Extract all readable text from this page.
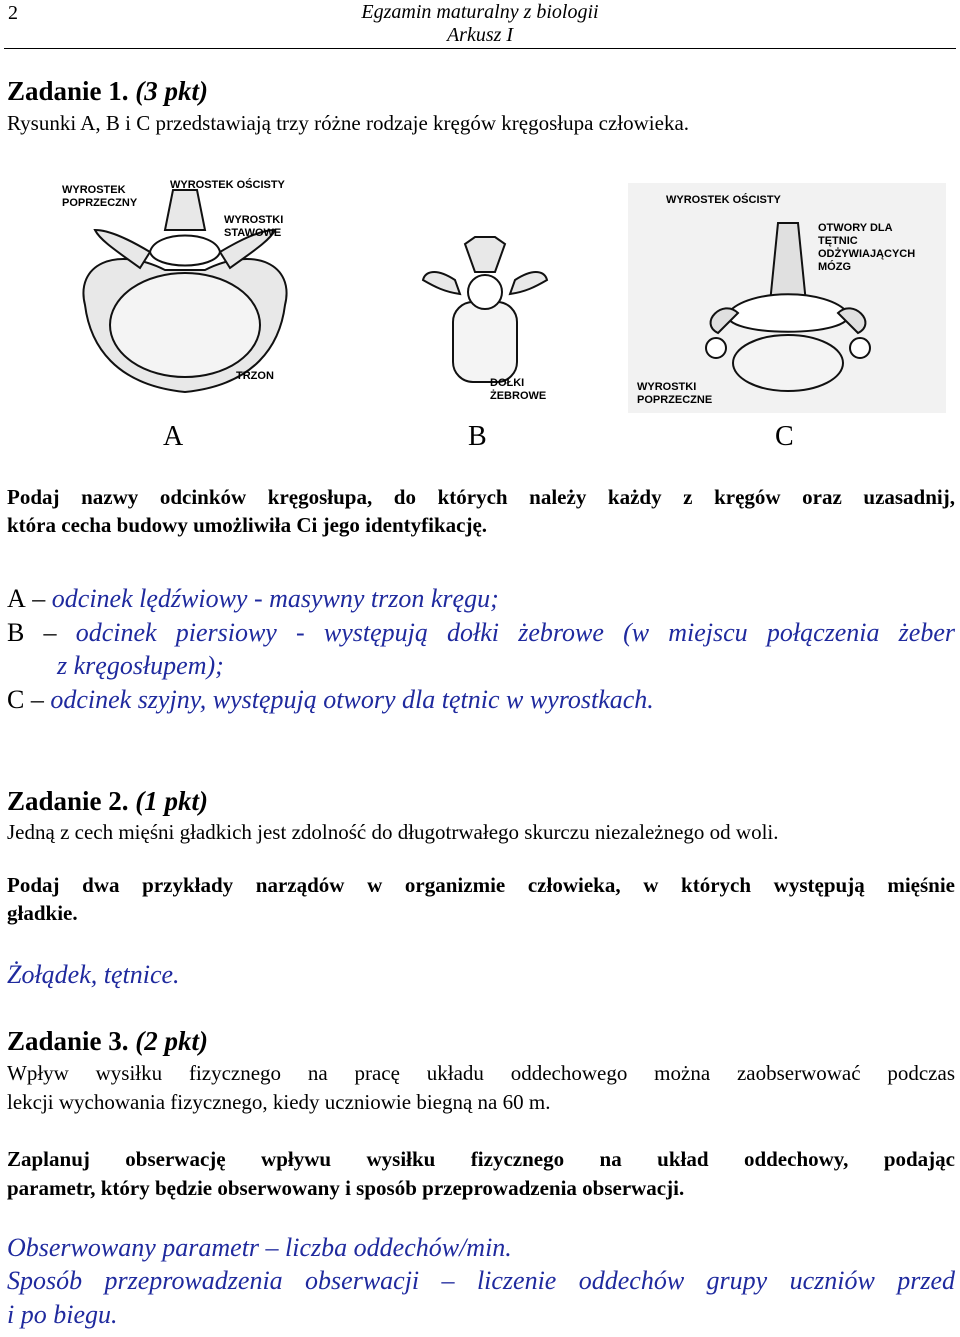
2	Egzamin maturalny z biologii
Arkusz I
Zadanie 1. (3 pkt)
Rysunki A, B i C przedstawiają trzy różne rodzaje kręgów kręgosłupa człowieka.
WYROSTEK
POPRZECZNY
WYROSTEK OŚCISTY
WYROSTKI
STAWOWE
TRZON
DOŁKI
ŻEBROWE
WYROSTEK OŚCISTY
OTWORY DLA
TĘTNIC
ODŻYWIAJĄCYCH
MÓZG
WYROSTKI
POPRZECZNE
A	B	C
Podaj nazwy odcinków kręgosłupa, do których należy każdy z kręgów oraz uzasadnij,
która cecha budowy umożliwiła Ci jego identyfikację.
A – odcinek lędźwiowy - masywny trzon kręgu;
B – odcinek piersiowy - występują dołki żebrowe (w miejscu połączenia żeber
z kręgosłupem);
C – odcinek szyjny, występują otwory dla tętnic w wyrostkach.
Zadanie 2. (1 pkt)
Jedną z cech mięśni gładkich jest zdolność do długotrwałego skurczu niezależnego od woli.
Podaj dwa przykłady narządów w organizmie człowieka, w których występują mięśnie
gładkie.
Żołądek, tętnice.
Zadanie 3. (2 pkt)
Wpływ wysiłku fizycznego na pracę układu oddechowego można zaobserwować podczas
lekcji wychowania fizycznego, kiedy uczniowie biegną na 60 m.
Zaplanuj obserwację wpływu wysiłku fizycznego na układ oddechowy, podając
parametr, który będzie obserwowany i sposób przeprowadzenia obserwacji.
Obserwowany parametr – liczba oddechów/min.
Sposób przeprowadzenia obserwacji – liczenie oddechów grupy uczniów przed
i po biegu.
